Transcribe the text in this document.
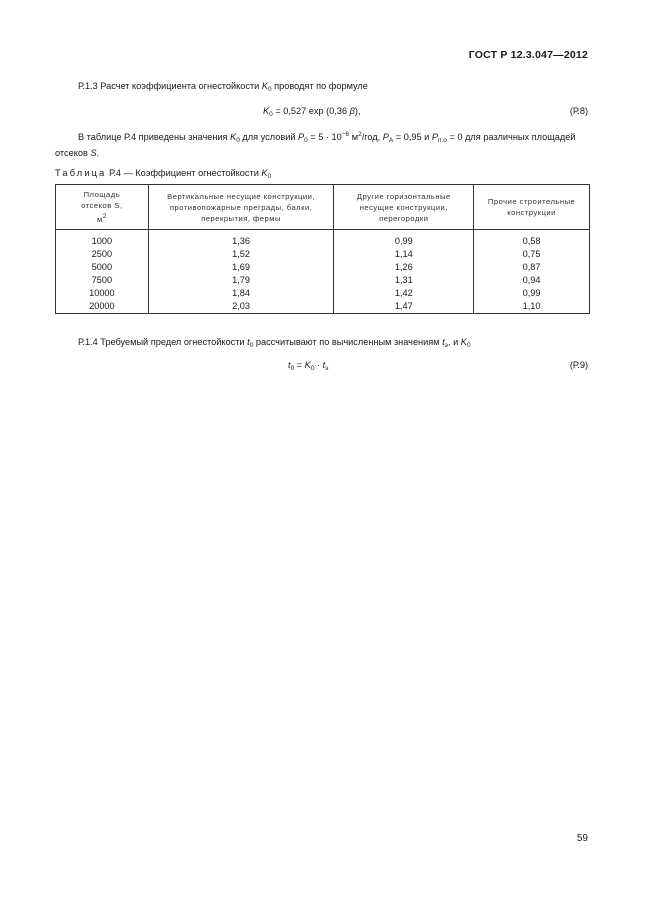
ГОСТ Р 12.3.047—2012
Р.1.3 Расчет коэффициента огнестойкости $K_0$ проводят по формуле
$K_0 = 0,527$ exp (0,36 β),	(Р.8)
В таблице Р.4 приведены значения $K_0$ для условий $P_0 = 5 \cdot 10^{-6}$ $м^2$/год, $P_A = 0,95$ и $P_{п.о} = 0$ для различных площадей отсеков S.
Таблица Р.4 — Коэффициент огнестойкости $K_0$
Площадь
отсеков S,
$м^2$	Вертикальные несущие конструкции, противопожарные преграды, балки, перекрытия, фермы	Другие горизонтальные несущие конструкции, перегородки	Прочие строительные конструкции

1000	1,36	0,99	0,58
2500	1,52	1,14	0,75
5000	1,69	1,26	0,87
7500	1,79	1,31	0,94
10000	1,84	1,42	0,99
20000	2,03	1,47	1,10
Р.1.4 Требуемый предел огнестойкости $t_0$ рассчитывают по вычисленным значениям $t_э$, и $K_0$
$t_0 = K_0 \cdot t_э$	(Р.9)
59
